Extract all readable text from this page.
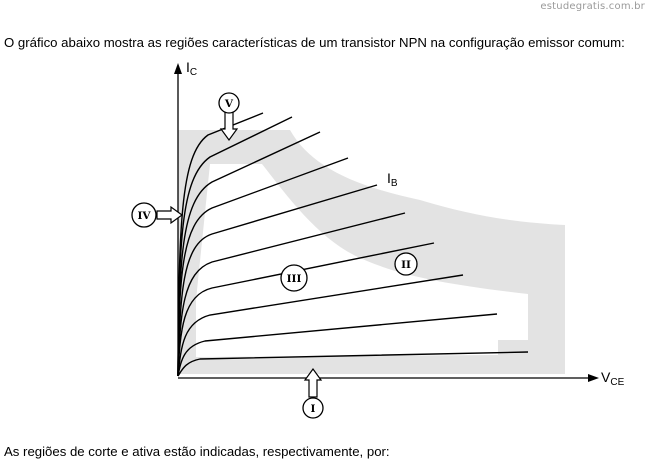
estudegratis.com.br
O gráfico abaixo mostra as regiões características de um transistor NPN na configuração emissor comum:
$I_C$
$V_{CE}$
$I_B$
V
IV
III
II
I
As regiões de corte e ativa estão indicadas, respectivamente, por:
